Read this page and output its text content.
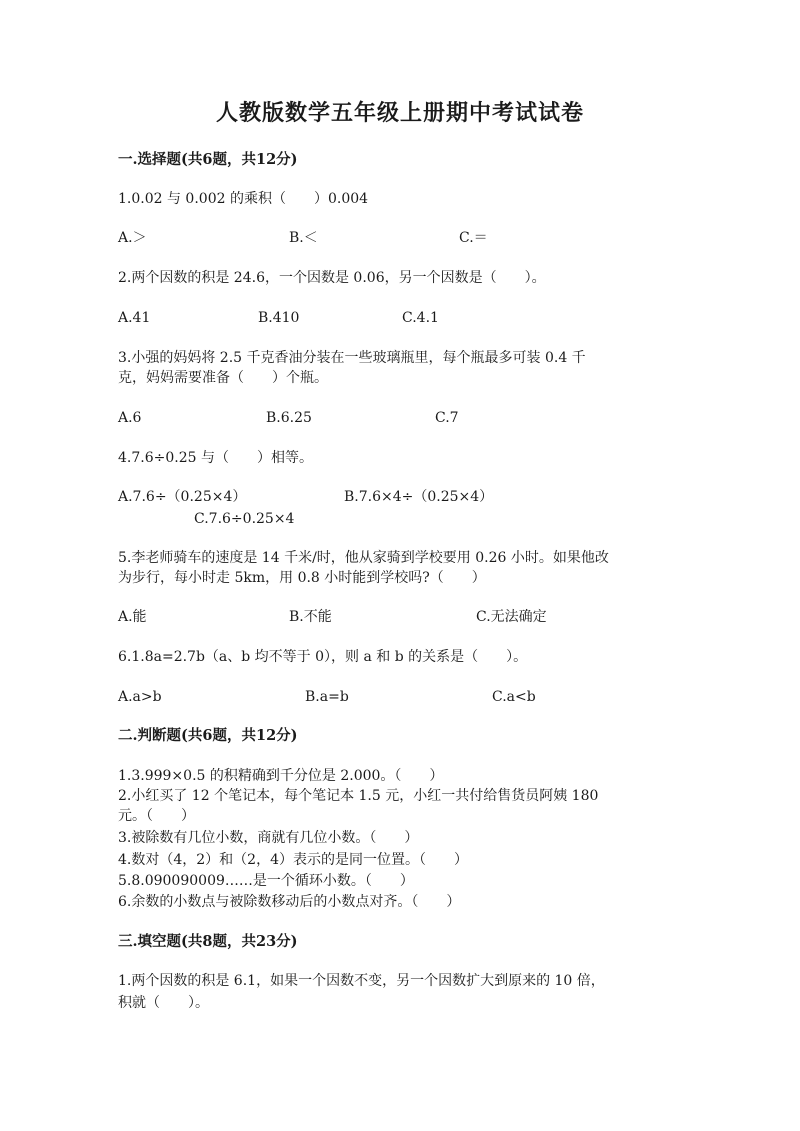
人教版数学五年级上册期中考试试卷
一.选择题(共6题，共12分)
1.0.02 与 0.002 的乘积（　　）0.004
A.＞	B.＜	C.＝
2.两个因数的积是 24.6，一个因数是 0.06，另一个因数是（　　）。
A.41	B.410	C.4.1
3.小强的妈妈将 2.5 千克香油分装在一些玻璃瓶里，每个瓶最多可装 0.4 千
克，妈妈需要准备（　　）个瓶。
A.6	B.6.25	C.7
4.7.6÷0.25 与（　　）相等。
A.7.6÷（0.25×4）	B.7.6×4÷（0.25×4）
C.7.6÷0.25×4
5.李老师骑车的速度是 14 千米/时，他从家骑到学校要用 0.26 小时。如果他改
为步行，每小时走 5km，用 0.8 小时能到学校吗?（　　）
A.能	B.不能	C.无法确定
6.1.8a=2.7b（a、b 均不等于 0），则 a 和 b 的关系是（　　）。
A.a>b	B.a=b	C.a<b
二.判断题(共6题，共12分)
1.3.999×0.5 的积精确到千分位是 2.000。（　　）
2.小红买了 12 个笔记本，每个笔记本 1.5 元，小红一共付给售货员阿姨 180
元。（　　）
3.被除数有几位小数，商就有几位小数。（　　）
4.数对（4，2）和（2，4）表示的是同一位置。（　　）
5.8.090090009……是一个循环小数。（　　）
6.余数的小数点与被除数移动后的小数点对齐。（　　）
三.填空题(共8题，共23分)
1.两个因数的积是 6.1，如果一个因数不变，另一个因数扩大到原来的 10 倍，
积就（　　）。
